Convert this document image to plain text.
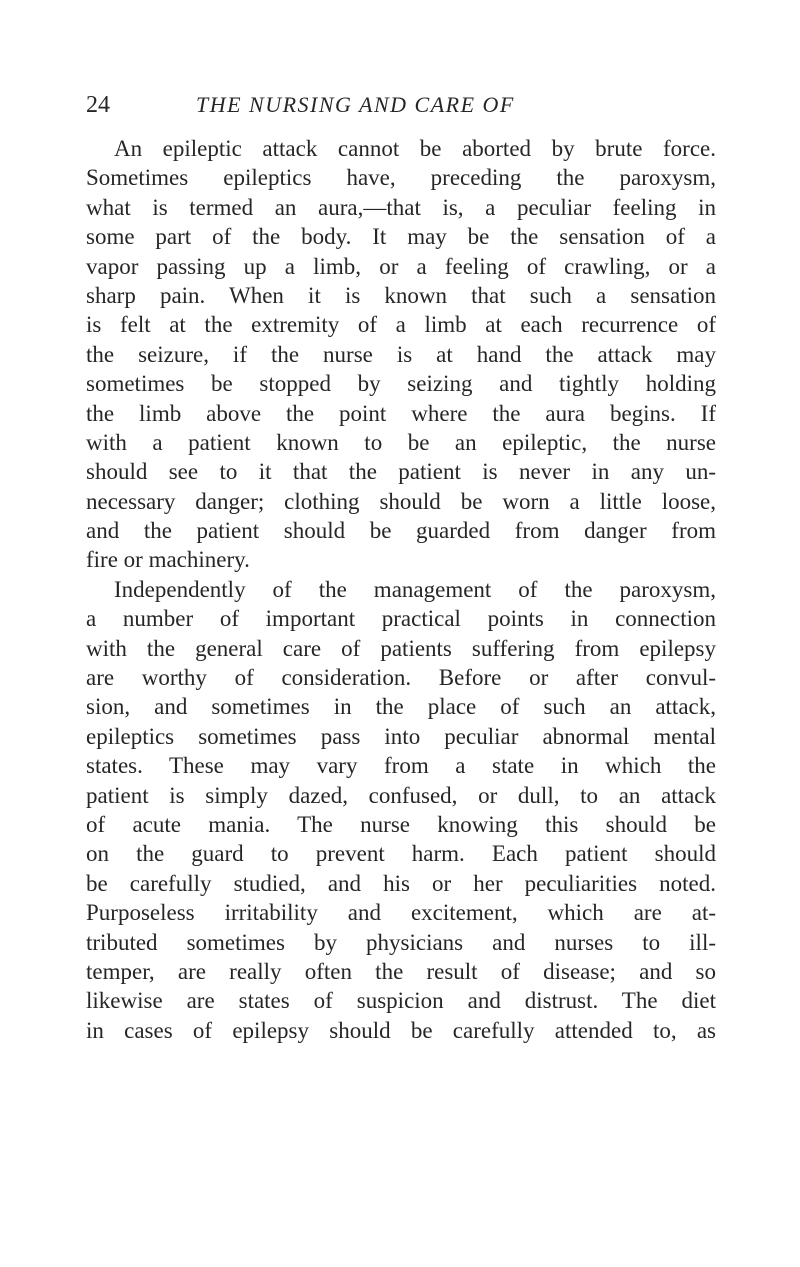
24	THE NURSING AND CARE OF
An epileptic attack cannot be aborted by brute force.
Sometimes epileptics have, preceding the paroxysm,
what is termed an aura,—that is, a peculiar feeling in
some part of the body. It may be the sensation of a
vapor passing up a limb, or a feeling of crawling, or a
sharp pain. When it is known that such a sensation
is felt at the extremity of a limb at each recurrence of
the seizure, if the nurse is at hand the attack may
sometimes be stopped by seizing and tightly holding
the limb above the point where the aura begins. If
with a patient known to be an epileptic, the nurse
should see to it that the patient is never in any un-
necessary danger; clothing should be worn a little loose,
and the patient should be guarded from danger from
fire or machinery.
Independently of the management of the paroxysm,
a number of important practical points in connection
with the general care of patients suffering from epilepsy
are worthy of consideration. Before or after convul-
sion, and sometimes in the place of such an attack,
epileptics sometimes pass into peculiar abnormal mental
states. These may vary from a state in which the
patient is simply dazed, confused, or dull, to an attack
of acute mania. The nurse knowing this should be
on the guard to prevent harm. Each patient should
be carefully studied, and his or her peculiarities noted.
Purposeless irritability and excitement, which are at-
tributed sometimes by physicians and nurses to ill-
temper, are really often the result of disease; and so
likewise are states of suspicion and distrust. The diet
in cases of epilepsy should be carefully attended to, as
